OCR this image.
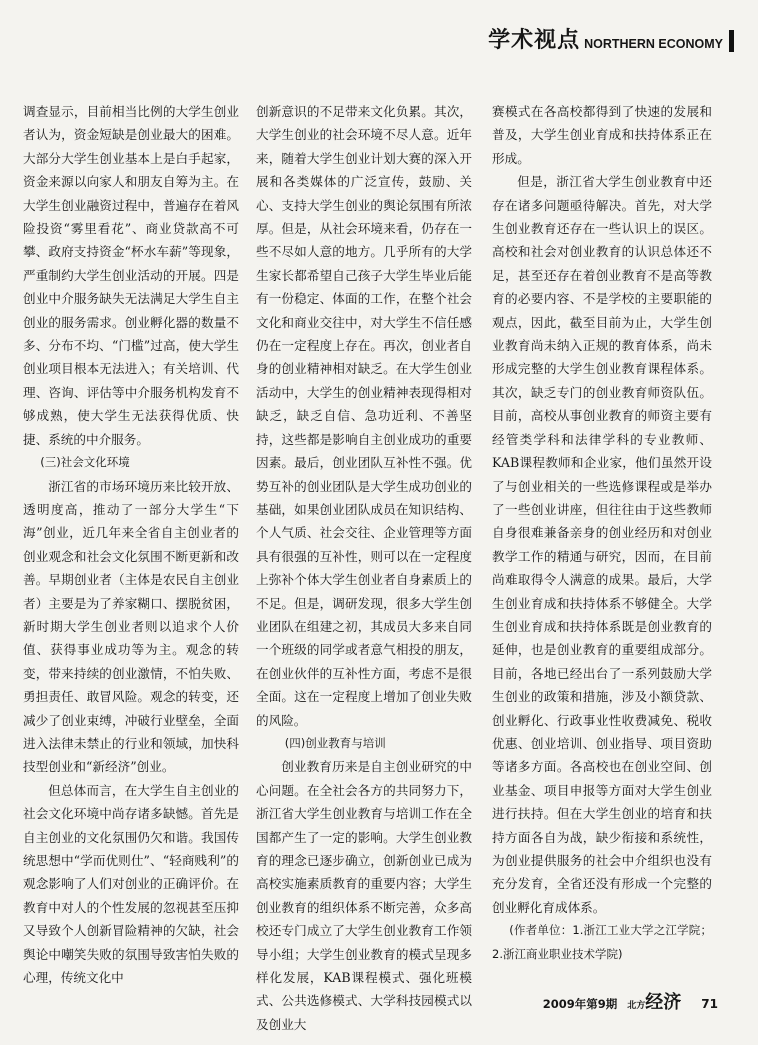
学术视点 NORTHERN ECONOMY

调查显示，目前相当比例的大学生创业者认为，资金短缺是创业最大的困难。大部分大学生创业基本上是白手起家，资金来源以向家人和朋友自筹为主。在大学生创业融资过程中，普遍存在着风险投资“雾里看花”、商业贷款高不可攀、政府支持资金“杯水车薪”等现象，严重制约大学生创业活动的开展。四是创业中介服务缺失无法满足大学生自主创业的服务需求。创业孵化器的数量不多、分布不均、“门槛”过高，使大学生创业项目根本无法进入；有关培训、代理、咨询、评估等中介服务机构发育不够成熟，使大学生无法获得优质、快捷、系统的中介服务。

(三)社会文化环境

浙江省的市场环境历来比较开放、透明度高，推动了一部分大学生“下海”创业，近几年来全省自主创业者的创业观念和社会文化氛围不断更新和改善。早期创业者（主体是农民自主创业者）主要是为了养家糊口、摆脱贫困，新时期大学生创业者则以追求个人价值、获得事业成功等为主。观念的转变，带来持续的创业激情，不怕失败、勇担责任、敢冒风险。观念的转变，还减少了创业束缚，冲破行业壁垒，全面进入法律未禁止的行业和领域，加快科技型创业和“新经济”创业。

但总体而言，在大学生自主创业的社会文化环境中尚存诸多缺憾。首先是自主创业的文化氛围仍欠和谐。我国传统思想中“学而优则仕”、“轻商贱利”的观念影响了人们对创业的正确评价。在教育中对人的个性发展的忽视甚至压抑又导致个人创新冒险精神的欠缺，社会舆论中嘲笑失败的氛围导致害怕失败的心理，传统文化中

创新意识的不足带来文化负累。其次，大学生创业的社会环境不尽人意。近年来，随着大学生创业计划大赛的深入开展和各类媒体的广泛宣传，鼓励、关心、支持大学生创业的舆论氛围有所浓厚。但是，从社会环境来看，仍存在一些不尽如人意的地方。几乎所有的大学生家长都希望自己孩子大学生毕业后能有一份稳定、体面的工作，在整个社会文化和商业交往中，对大学生不信任感仍在一定程度上存在。再次，创业者自身的创业精神相对缺乏。在大学生创业活动中，大学生的创业精神表现得相对缺乏，缺乏自信、急功近利、不善坚持，这些都是影响自主创业成功的重要因素。最后，创业团队互补性不强。优势互补的创业团队是大学生成功创业的基础，如果创业团队成员在知识结构、个人气质、社会交往、企业管理等方面具有很强的互补性，则可以在一定程度上弥补个体大学生创业者自身素质上的不足。但是，调研发现，很多大学生创业团队在组建之初，其成员大多来自同一个班级的同学或者意气相投的朋友，在创业伙伴的互补性方面，考虑不是很全面。这在一定程度上增加了创业失败的风险。

(四)创业教育与培训

创业教育历来是自主创业研究的中心问题。在全社会各方的共同努力下，浙江省大学生创业教育与培训工作在全国都产生了一定的影响。大学生创业教育的理念已逐步确立，创新创业已成为高校实施素质教育的重要内容；大学生创业教育的组织体系不断完善，众多高校还专门成立了大学生创业教育工作领导小组；大学生创业教育的模式呈现多样化发展，KAB课程模式、强化班模式、公共选修模式、大学科技园模式以及创业大

赛模式在各高校都得到了快速的发展和普及，大学生创业育成和扶持体系正在形成。

但是，浙江省大学生创业教育中还存在诸多问题亟待解决。首先，对大学生创业教育还存在一些认识上的误区。高校和社会对创业教育的认识总体还不足，甚至还存在着创业教育不是高等教育的必要内容、不是学校的主要职能的观点，因此，截至目前为止，大学生创业教育尚未纳入正规的教育体系，尚未形成完整的大学生创业教育课程体系。其次，缺乏专门的创业教育师资队伍。目前，高校从事创业教育的师资主要有经管类学科和法律学科的专业教师、KAB课程教师和企业家，他们虽然开设了与创业相关的一些选修课程或是举办了一些创业讲座，但往往由于这些教师自身很难兼备亲身的创业经历和对创业教学工作的精通与研究，因而，在目前尚难取得令人满意的成果。最后，大学生创业育成和扶持体系不够健全。大学生创业育成和扶持体系既是创业教育的延伸，也是创业教育的重要组成部分。目前，各地已经出台了一系列鼓励大学生创业的政策和措施，涉及小额贷款、创业孵化、行政事业性收费减免、税收优惠、创业培训、创业指导、项目资助等诸多方面。各高校也在创业空间、创业基金、项目申报等方面对大学生创业进行扶持。但在大学生创业的培育和扶持方面各自为战，缺少衔接和系统性，为创业提供服务的社会中介组织也没有充分发育，全省还没有形成一个完整的创业孵化育成体系。

(作者单位：1.浙江工业大学之江学院；2.浙江商业职业技术学院)

2009年第9期 北方经济 71
